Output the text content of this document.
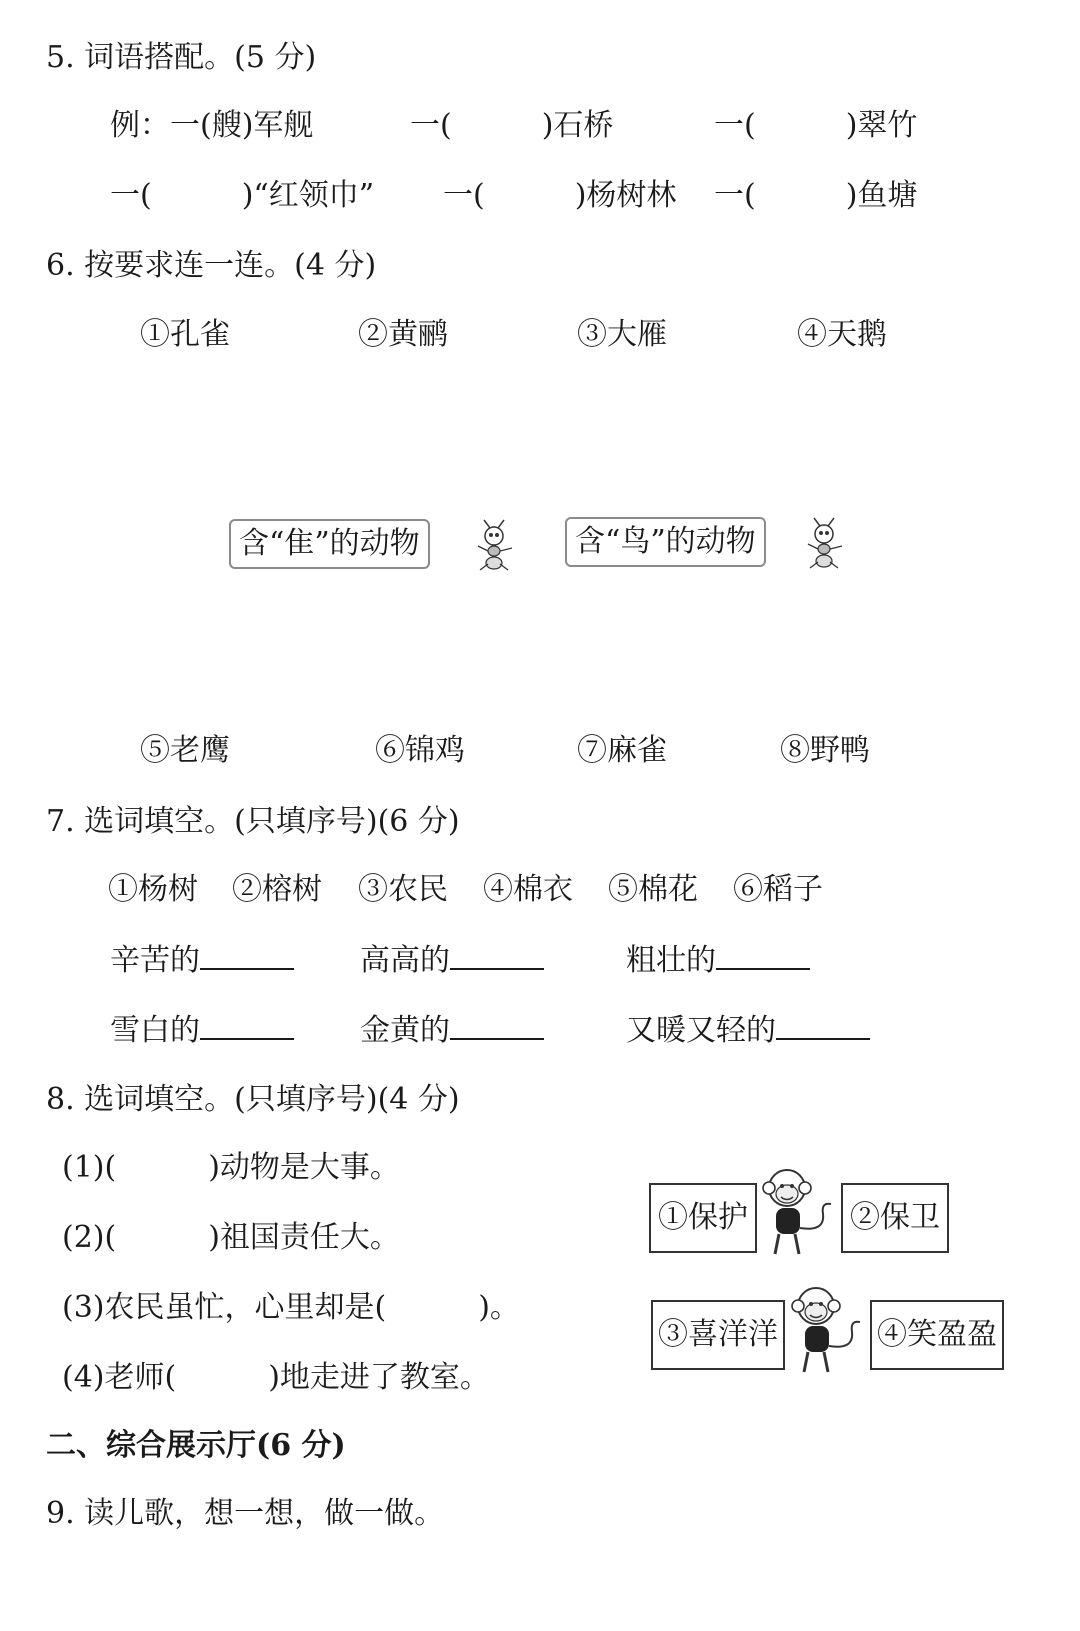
5. 词语搭配。(5 分)
例：一(艘)军舰	一(　　　)石桥	一(　　　)翠竹
一(　　　)“红领巾” 一(　　　)杨树林 一(　　　)鱼塘
6. 按要求连一连。(4 分)
①孔雀	②黄鹂	③大雁	④天鹅
含“隹”的动物	含“鸟”的动物
⑤老鹰	⑥锦鸡	⑦麻雀	⑧野鸭
7. 选词填空。(只填序号)(6 分)
①杨树 ②榕树 ③农民 ④棉衣 ⑤棉花 ⑥稻子
辛苦的	高高的	粗壮的
雪白的	金黄的	又暖又轻的
8. 选词填空。(只填序号)(4 分)
(1)(	)动物是大事。
(2)(	)祖国责任大。
(3)农民虽忙，心里却是(	)。
(4)老师(	)地走进了教室。
①保护	②保卫
③喜洋洋	④笑盈盈
二、综合展示厅(6 分)
9. 读儿歌，想一想，做一做。
